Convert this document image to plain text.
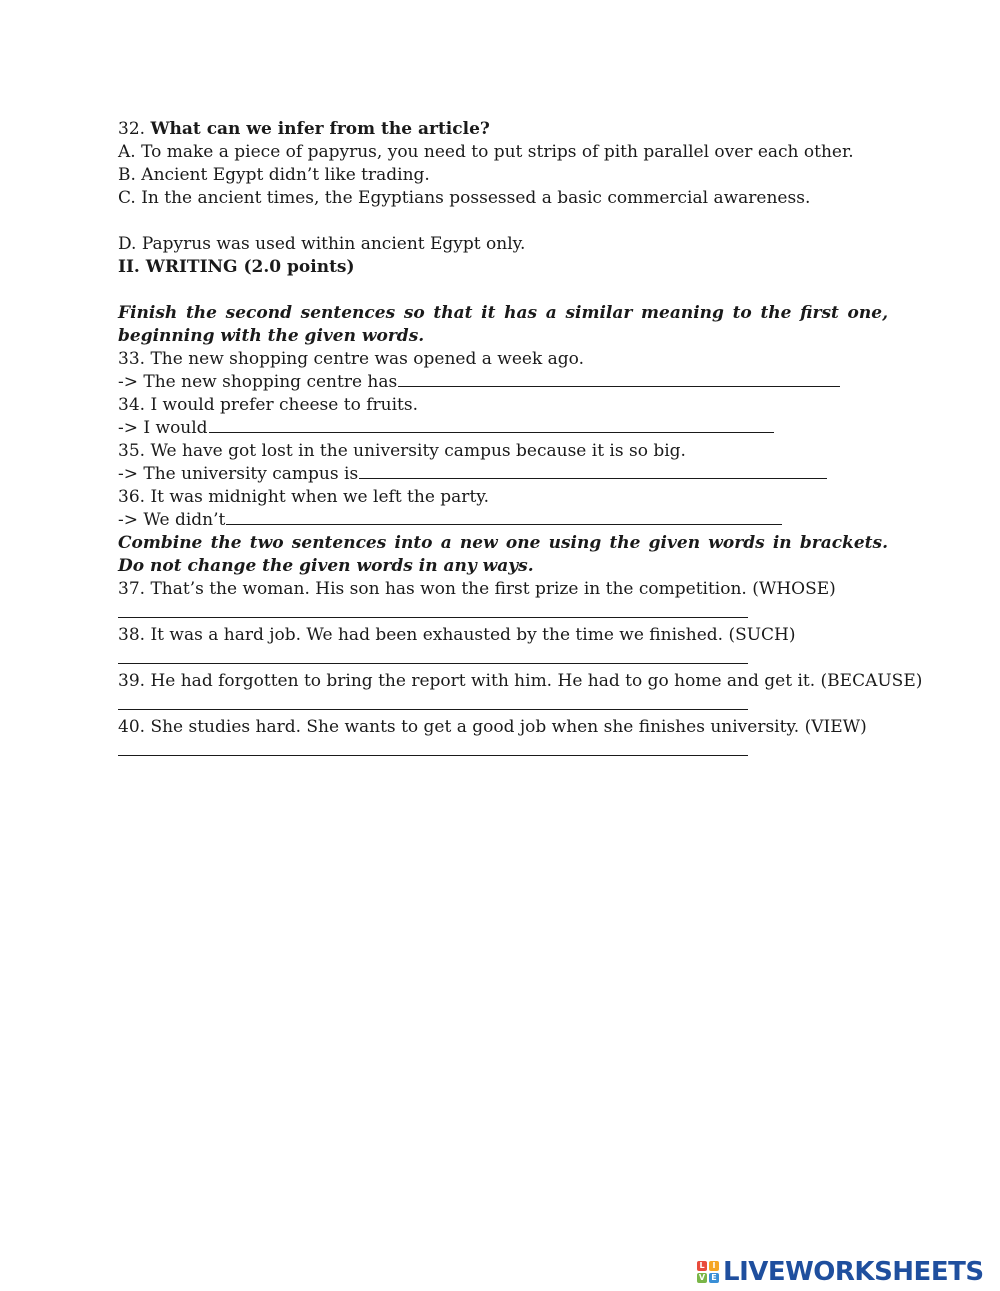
32. What can we infer from the article?
A. To make a piece of papyrus, you need to put strips of pith parallel over each other.
B. Ancient Egypt didn’t like trading.
C. In the ancient times, the Egyptians possessed a basic commercial awareness.
D. Papyrus was used within ancient Egypt only.
II. WRITING (2.0 points)
Finish the second sentences so that it has a similar meaning to the first one, beginning with the given words.
33. The new shopping centre was opened a week ago.
-> The new shopping centre has
34. I would prefer cheese to fruits.
-> I would
35. We have got lost in the university campus because it is so big.
-> The university campus is
36. It was midnight when we left the party.
-> We didn’t
Combine the two sentences into a new one using the given words in brackets. Do not change the given words in any ways.
37. That’s the woman. His son has won the first prize in the competition. (WHOSE)
38. It was a hard job. We had been exhausted by the time we finished. (SUCH)
39. He had forgotten to bring the report with him. He had to go home and get it. (BECAUSE)
40. She studies hard. She wants to get a good job when she finishes university. (VIEW)
L I
V E LIVEWORKSHEETS
